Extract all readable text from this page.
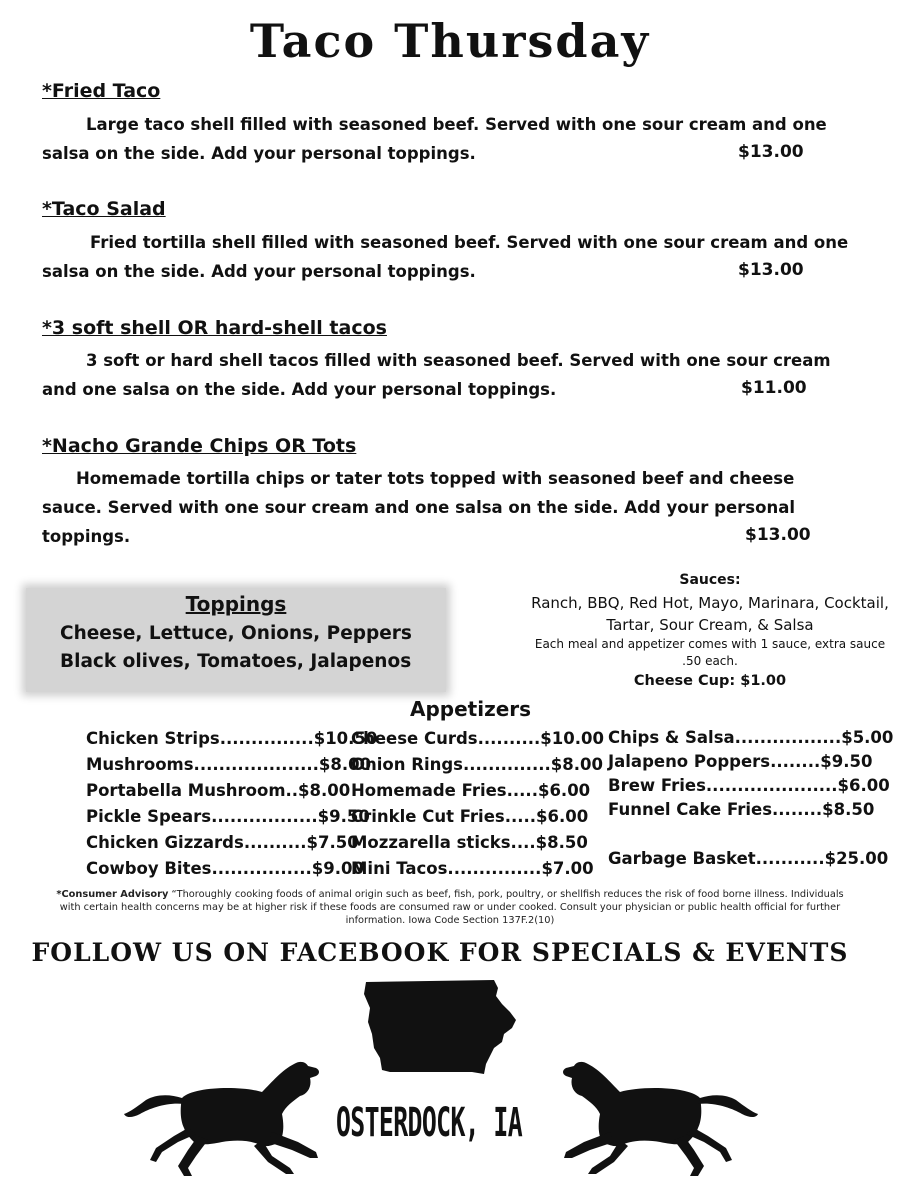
Taco Thursday
*Fried Taco
Large taco shell filled with seasoned beef. Served with one sour cream and one
salsa on the side. Add your personal toppings.	$13.00
*Taco Salad
Fried tortilla shell filled with seasoned beef. Served with one sour cream and one
salsa on the side. Add your personal toppings.	$13.00
*3 soft shell OR hard-shell tacos
3 soft or hard shell tacos filled with seasoned beef. Served with one sour cream
and one salsa on the side. Add your personal toppings.	$11.00
*Nacho Grande Chips OR Tots
Homemade tortilla chips or tater tots topped with seasoned beef and cheese
sauce. Served with one sour cream and one salsa on the side. Add your personal
toppings.	$13.00
Toppings
Cheese, Lettuce, Onions, Peppers
Black olives, Tomatoes, Jalapenos
Sauces:
Ranch, BBQ, Red Hot, Mayo, Marinara, Cocktail,
Tartar, Sour Cream, & Salsa
Each meal and appetizer comes with 1 sauce, extra sauce
.50 each.
Cheese Cup: $1.00
Appetizers
Chicken Strips...............$10.50
Mushrooms....................$8.00
Portabella Mushroom..$8.00
Pickle Spears.................$9.50
Chicken Gizzards..........$7.50
Cowboy Bites................$9.00
Cheese Curds..........$10.00
Onion Rings..............$8.00
Homemade Fries.....$6.00
Crinkle Cut Fries.....$6.00
Mozzarella sticks....$8.50
Mini Tacos...............$7.00
Chips & Salsa.................$5.00
Jalapeno Poppers........$9.50
Brew Fries.....................$6.00
Funnel Cake Fries........$8.50
Garbage Basket...........$25.00
*Consumer Advisory “Thoroughly cooking foods of animal origin such as beef, fish, pork, poultry, or shellfish reduces the risk of food borne illness. Individuals with certain health concerns may be at higher risk if these foods are consumed raw or under cooked. Consult your physician or public health official for further information. Iowa Code Section 137F.2(10)
FOLLOW US ON FACEBOOK FOR SPECIALS & EVENTS
OSTERDOCK, IA
